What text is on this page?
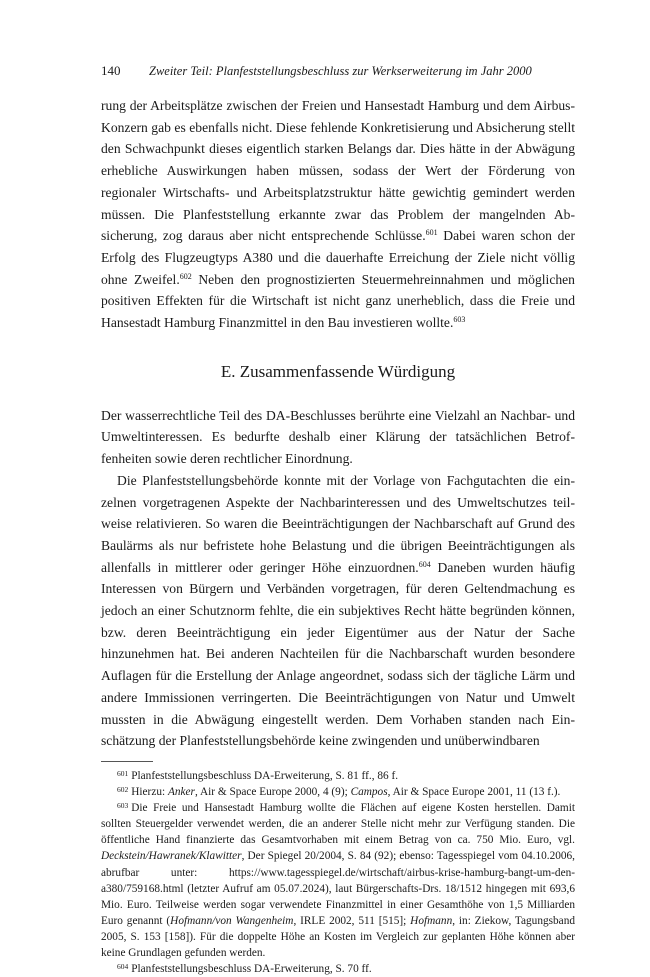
140 Zweiter Teil: Planfeststellungsbeschluss zur Werkserweiterung im Jahr 2000

rung der Arbeitsplätze zwischen der Freien und Hansestadt Hamburg und dem Airbus-Konzern gab es ebenfalls nicht. Diese fehlende Konkretisierung und Absicherung stellt den Schwachpunkt dieses eigentlich starken Belangs dar. Dies hätte in der Abwägung erhebliche Auswirkungen haben müssen, sodass der Wert der Förderung von regionaler Wirtschafts- und Arbeitsplatzstruktur hätte gewichtig gemindert werden müssen. Die Planfeststellung erkannte zwar das Problem der mangelnden Absicherung, zog daraus aber nicht entsprechende Schlüsse.$^{601}$ Dabei waren schon der Erfolg des Flugzeugtyps A380 und die dauerhafte Erreichung der Ziele nicht völlig ohne Zweifel.$^{602}$ Neben den prognostizierten Steuermehreinnahmen und möglichen positiven Effekten für die Wirtschaft ist nicht ganz unerheblich, dass die Freie und Hansestadt Hamburg Finanzmittel in den Bau investieren wollte.$^{603}$

E. Zusammenfassende Würdigung

Der wasserrechtliche Teil des DA-Beschlusses berührte eine Vielzahl an Nachbar- und Umweltinteressen. Es bedurfte deshalb einer Klärung der tatsächlichen Betroffenheiten sowie deren rechtlicher Einordnung.

Die Planfeststellungsbehörde konnte mit der Vorlage von Fachgutachten die einzelnen vorgetragenen Aspekte der Nachbarinteressen und des Umweltschutzes teilweise relativieren. So waren die Beeinträchtigungen der Nachbarschaft auf Grund des Baulärms als nur befristete hohe Belastung und die übrigen Beeinträchtigungen als allenfalls in mittlerer oder geringer Höhe einzuordnen.$^{604}$ Daneben wurden häufig Interessen von Bürgern und Verbänden vorgetragen, für deren Geltendmachung es jedoch an einer Schutznorm fehlte, die ein subjektives Recht hätte begründen können, bzw. deren Beeinträchtigung ein jeder Eigentümer aus der Natur der Sache hinzunehmen hat. Bei anderen Nachteilen für die Nachbarschaft wurden besondere Auflagen für die Erstellung der Anlage angeordnet, sodass sich der tägliche Lärm und andere Immissionen verringerten. Die Beeinträchtigungen von Natur und Umwelt mussten in die Abwägung eingestellt werden. Dem Vorhaben standen nach Einschätzung der Planfeststellungsbehörde keine zwingenden und unüberwindbaren

$^{601}$ Planfeststellungsbeschluss DA-Erweiterung, S. 81 ff., 86 f.

$^{602}$ Hierzu: Anker, Air & Space Europe 2000, 4 (9); Campos, Air & Space Europe 2001, 11 (13 f.).

$^{603}$ Die Freie und Hansestadt Hamburg wollte die Flächen auf eigene Kosten herstellen. Damit sollten Steuergelder verwendet werden, die an anderer Stelle nicht mehr zur Verfügung standen. Die öffentliche Hand finanzierte das Gesamtvorhaben mit einem Betrag von ca. 750 Mio. Euro, vgl. Deckstein/Hawranek/Klawitter, Der Spiegel 20/2004, S. 84 (92); ebenso: Tagesspiegel vom 04.10.2006, abrufbar unter: https://www.tagesspiegel.de/wirtschaft/airbus-krise-hamburg-bangt-um-den-a380/759168.html (letzter Aufruf am 05.07.2024), laut Bürgerschafts-Drs. 18/1512 hingegen mit 693,6 Mio. Euro. Teilweise werden sogar verwendete Finanzmittel in einer Gesamthöhe von 1,5 Milliarden Euro genannt (Hofmann/von Wangenheim, IRLE 2002, 511 [515]; Hofmann, in: Ziekow, Tagungsband 2005, S. 153 [158]). Für die doppelte Höhe an Kosten im Vergleich zur geplanten Höhe können aber keine Grundlagen gefunden werden.

$^{604}$ Planfeststellungsbeschluss DA-Erweiterung, S. 70 ff.
